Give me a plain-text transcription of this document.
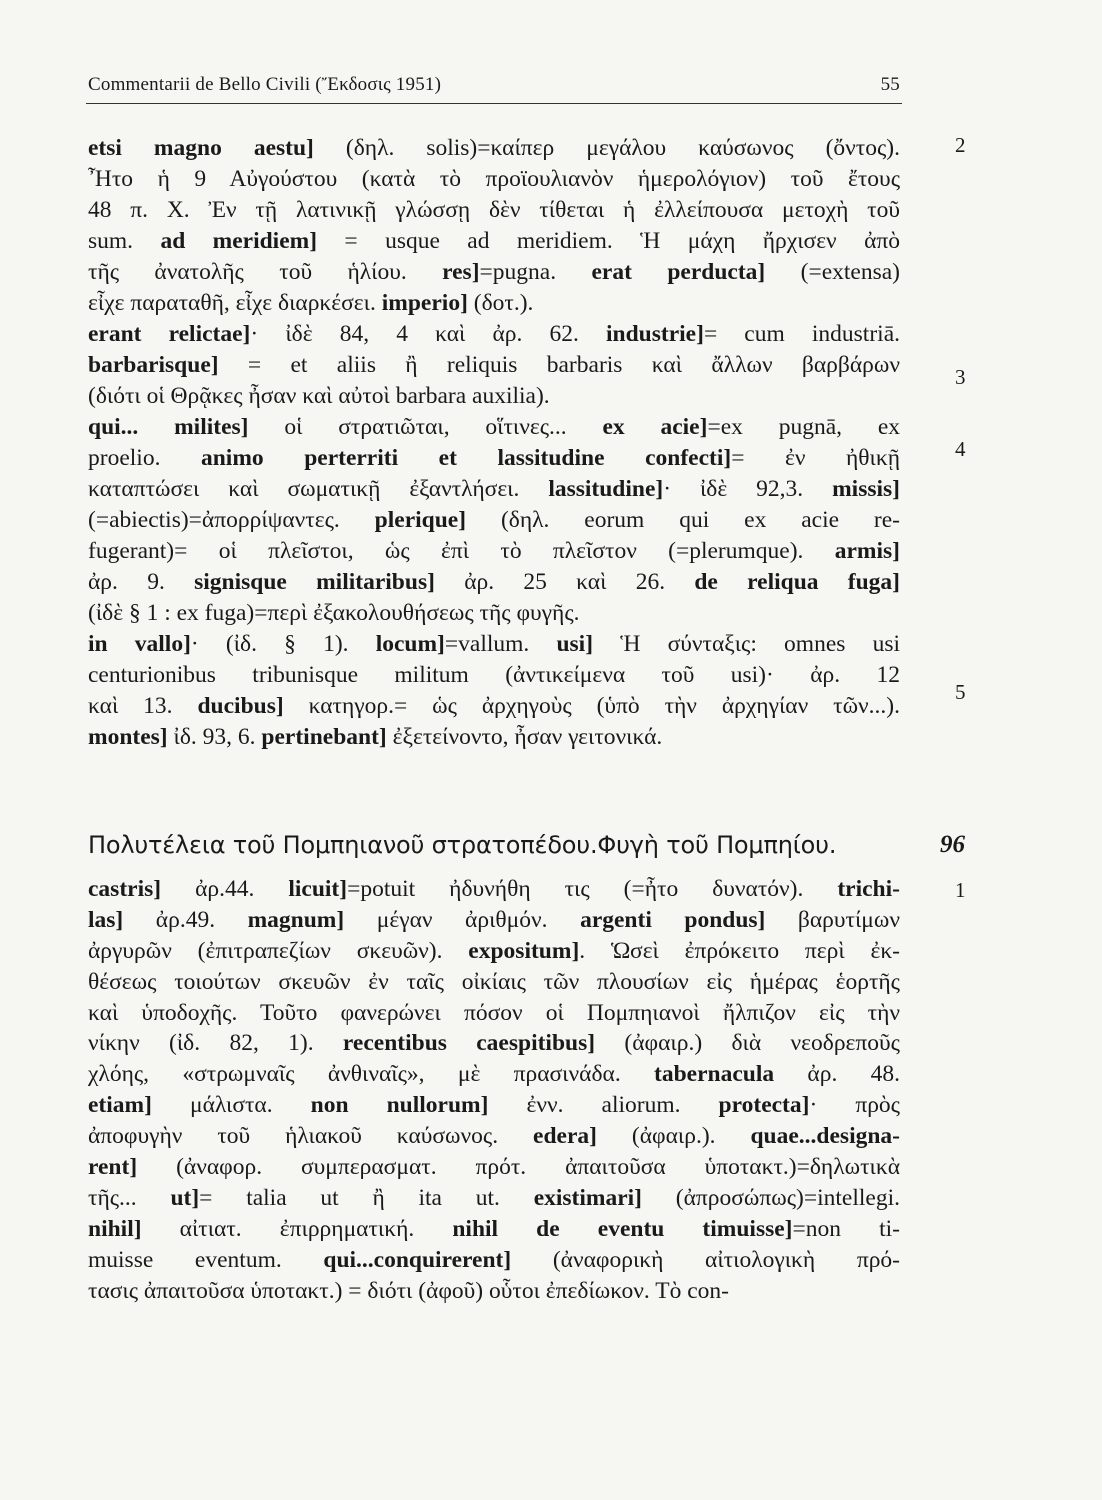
Commentarii de Bello Civili (Ἔκδοσις 1951)	55
etsi magno aestu] (δηλ. solis)=καίπερ μεγάλου καύσωνος (ὄντος).
Ἦτο ἡ 9 Αὐγούστου (κατὰ τὸ προϊουλιανὸν ἡμερολόγιον) τοῦ ἔτους
48 π. Χ. Ἐν τῇ λατινικῇ γλώσσῃ δὲν τίθεται ἡ ἐλλείπουσα μετοχὴ τοῦ
sum. ad meridiem] = usque ad meridiem. Ἡ μάχη ἤρχισεν ἀπὸ
τῆς ἀνατολῆς τοῦ ἡλίου. res]=pugna. erat perducta] (=extensa)
εἶχε παραταθῆ, εἶχε διαρκέσει. imperio] (δοτ.).
erant relictae]· ἰδὲ 84, 4 καὶ ἀρ. 62. industrie]= cum industriā.
barbarisque] = et aliis ἢ reliquis barbaris καὶ ἄλλων βαρβάρων
(διότι οἱ Θρᾷκες ἦσαν καὶ αὐτοὶ barbara auxilia).
qui... milites] οἱ στρατιῶται, οἵτινες... ex acie]=ex pugnā, ex
proelio. animo perterriti et lassitudine confecti]= ἐν ἠθικῇ
καταπτώσει καὶ σωματικῇ ἐξαντλήσει. lassitudine]· ἰδὲ 92,3. missis]
(=abiectis)=ἀπορρίψαντες. plerique] (δηλ. eorum qui ex acie re-
fugerant)= οἱ πλεῖστοι, ὡς ἐπὶ τὸ πλεῖστον (=plerumque). armis]
ἀρ. 9. signisque militaribus] ἀρ. 25 καὶ 26. de reliqua fuga]
(ἰδὲ § 1 : ex fuga)=περὶ ἐξακολουθήσεως τῆς φυγῆς.
in vallo]· (ἰδ. § 1). locum]=vallum. usi] Ἡ σύνταξις: omnes usi
centurionibus tribunisque militum (ἀντικείμενα τοῦ usi)· ἀρ. 12
καὶ 13. ducibus] κατηγορ.= ὡς ἀρχηγοὺς (ὑπὸ τὴν ἀρχηγίαν τῶν...).
montes] ἰδ. 93, 6. pertinebant] ἐξετείνοντο, ἦσαν γειτονικά.
2
3
4
5
Πολυτέλεια τοῦ Πομπηιανοῦ στρατοπέδου.Φυγὴ τοῦ Πομπηίου.	96
castris] ἀρ.44. licuit]=potuit ἠδυνήθη τις (=ἦτο δυνατόν). trichi-
las] ἀρ.49. magnum] μέγαν ἀριθμόν. argenti pondus] βαρυτίμων
ἀργυρῶν (ἐπιτραπεζίων σκευῶν). expositum]. Ὡσεὶ ἐπρόκειτο περὶ ἐκ-
θέσεως τοιούτων σκευῶν ἐν ταῖς οἰκίαις τῶν πλουσίων εἰς ἡμέρας ἑορτῆς
καὶ ὑποδοχῆς. Τοῦτο φανερώνει πόσον οἱ Πομπηιανοὶ ἤλπιζον εἰς τὴν
νίκην (ἰδ. 82, 1). recentibus caespitibus] (ἀφαιρ.) διὰ νεοδρεποῦς
χλόης, «στρωμναῖς ἀνθιναῖς», μὲ πρασινάδα. tabernacula ἀρ. 48.
etiam] μάλιστα. non nullorum] ἐνν. aliorum. protecta]· πρὸς
ἀποφυγὴν τοῦ ἡλιακοῦ καύσωνος. edera] (ἀφαιρ.). quae...designa-
rent] (ἀναφορ. συμπερασματ. πρότ. ἀπαιτοῦσα ὑποτακτ.)=δηλωτικὰ
τῆς... ut]= talia ut ἢ ita ut. existimari] (ἀπροσώπως)=intellegi.
nihil] αἰτιατ. ἐπιρρηματική. nihil de eventu timuisse]=non ti-
muisse eventum. qui...conquirerent] (ἀναφορικὴ αἰτιολογικὴ πρό-
τασις ἀπαιτοῦσα ὑποτακτ.) = διότι (ἀφοῦ) οὗτοι ἐπεδίωκον. Τὸ con-
1
